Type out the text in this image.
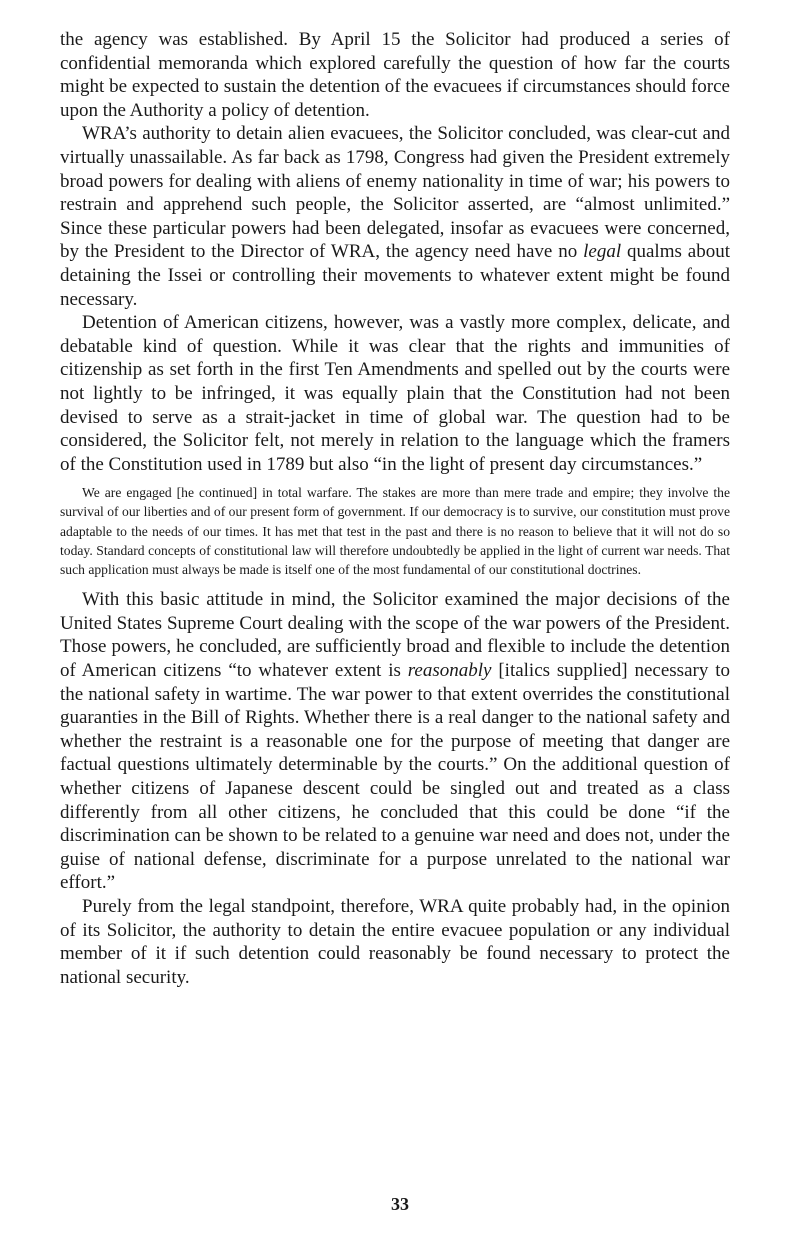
the agency was established. By April 15 the Solicitor had produced a series of confidential memoranda which explored carefully the question of how far the courts might be expected to sustain the detention of the evacuees if circumstances should force upon the Authority a policy of detention.

WRA’s authority to detain alien evacuees, the Solicitor concluded, was clear-cut and virtually unassailable. As far back as 1798, Congress had given the President extremely broad powers for dealing with aliens of enemy nationality in time of war; his powers to restrain and apprehend such people, the Solicitor asserted, are “almost unlimited.” Since these particular powers had been delegated, insofar as evacuees were concerned, by the President to the Director of WRA, the agency need have no legal qualms about detaining the Issei or controlling their movements to whatever extent might be found necessary.

Detention of American citizens, however, was a vastly more complex, delicate, and debatable kind of question. While it was clear that the rights and immunities of citizenship as set forth in the first Ten Amendments and spelled out by the courts were not lightly to be infringed, it was equally plain that the Constitution had not been devised to serve as a strait-jacket in time of global war. The question had to be considered, the Solicitor felt, not merely in relation to the language which the framers of the Constitution used in 1789 but also “in the light of present day circumstances.”

We are engaged [he continued] in total warfare. The stakes are more than mere trade and empire; they involve the survival of our liberties and of our present form of government. If our democracy is to survive, our constitution must prove adaptable to the needs of our times. It has met that test in the past and there is no reason to believe that it will not do so today. Standard concepts of constitutional law will therefore undoubtedly be applied in the light of current war needs. That such application must always be made is itself one of the most fundamental of our constitutional doctrines.

With this basic attitude in mind, the Solicitor examined the major decisions of the United States Supreme Court dealing with the scope of the war powers of the President. Those powers, he concluded, are sufficiently broad and flexible to include the detention of American citizens “to whatever extent is reasonably [italics supplied] necessary to the national safety in wartime. The war power to that extent overrides the constitutional guaranties in the Bill of Rights. Whether there is a real danger to the national safety and whether the restraint is a reasonable one for the purpose of meeting that danger are factual questions ultimately determinable by the courts.” On the additional question of whether citizens of Japanese descent could be singled out and treated as a class differently from all other citizens, he concluded that this could be done “if the discrimination can be shown to be related to a genuine war need and does not, under the guise of national defense, discriminate for a purpose unrelated to the national war effort.”

Purely from the legal standpoint, therefore, WRA quite probably had, in the opinion of its Solicitor, the authority to detain the entire evacuee population or any individual member of it if such detention could reasonably be found necessary to protect the national security.

33
